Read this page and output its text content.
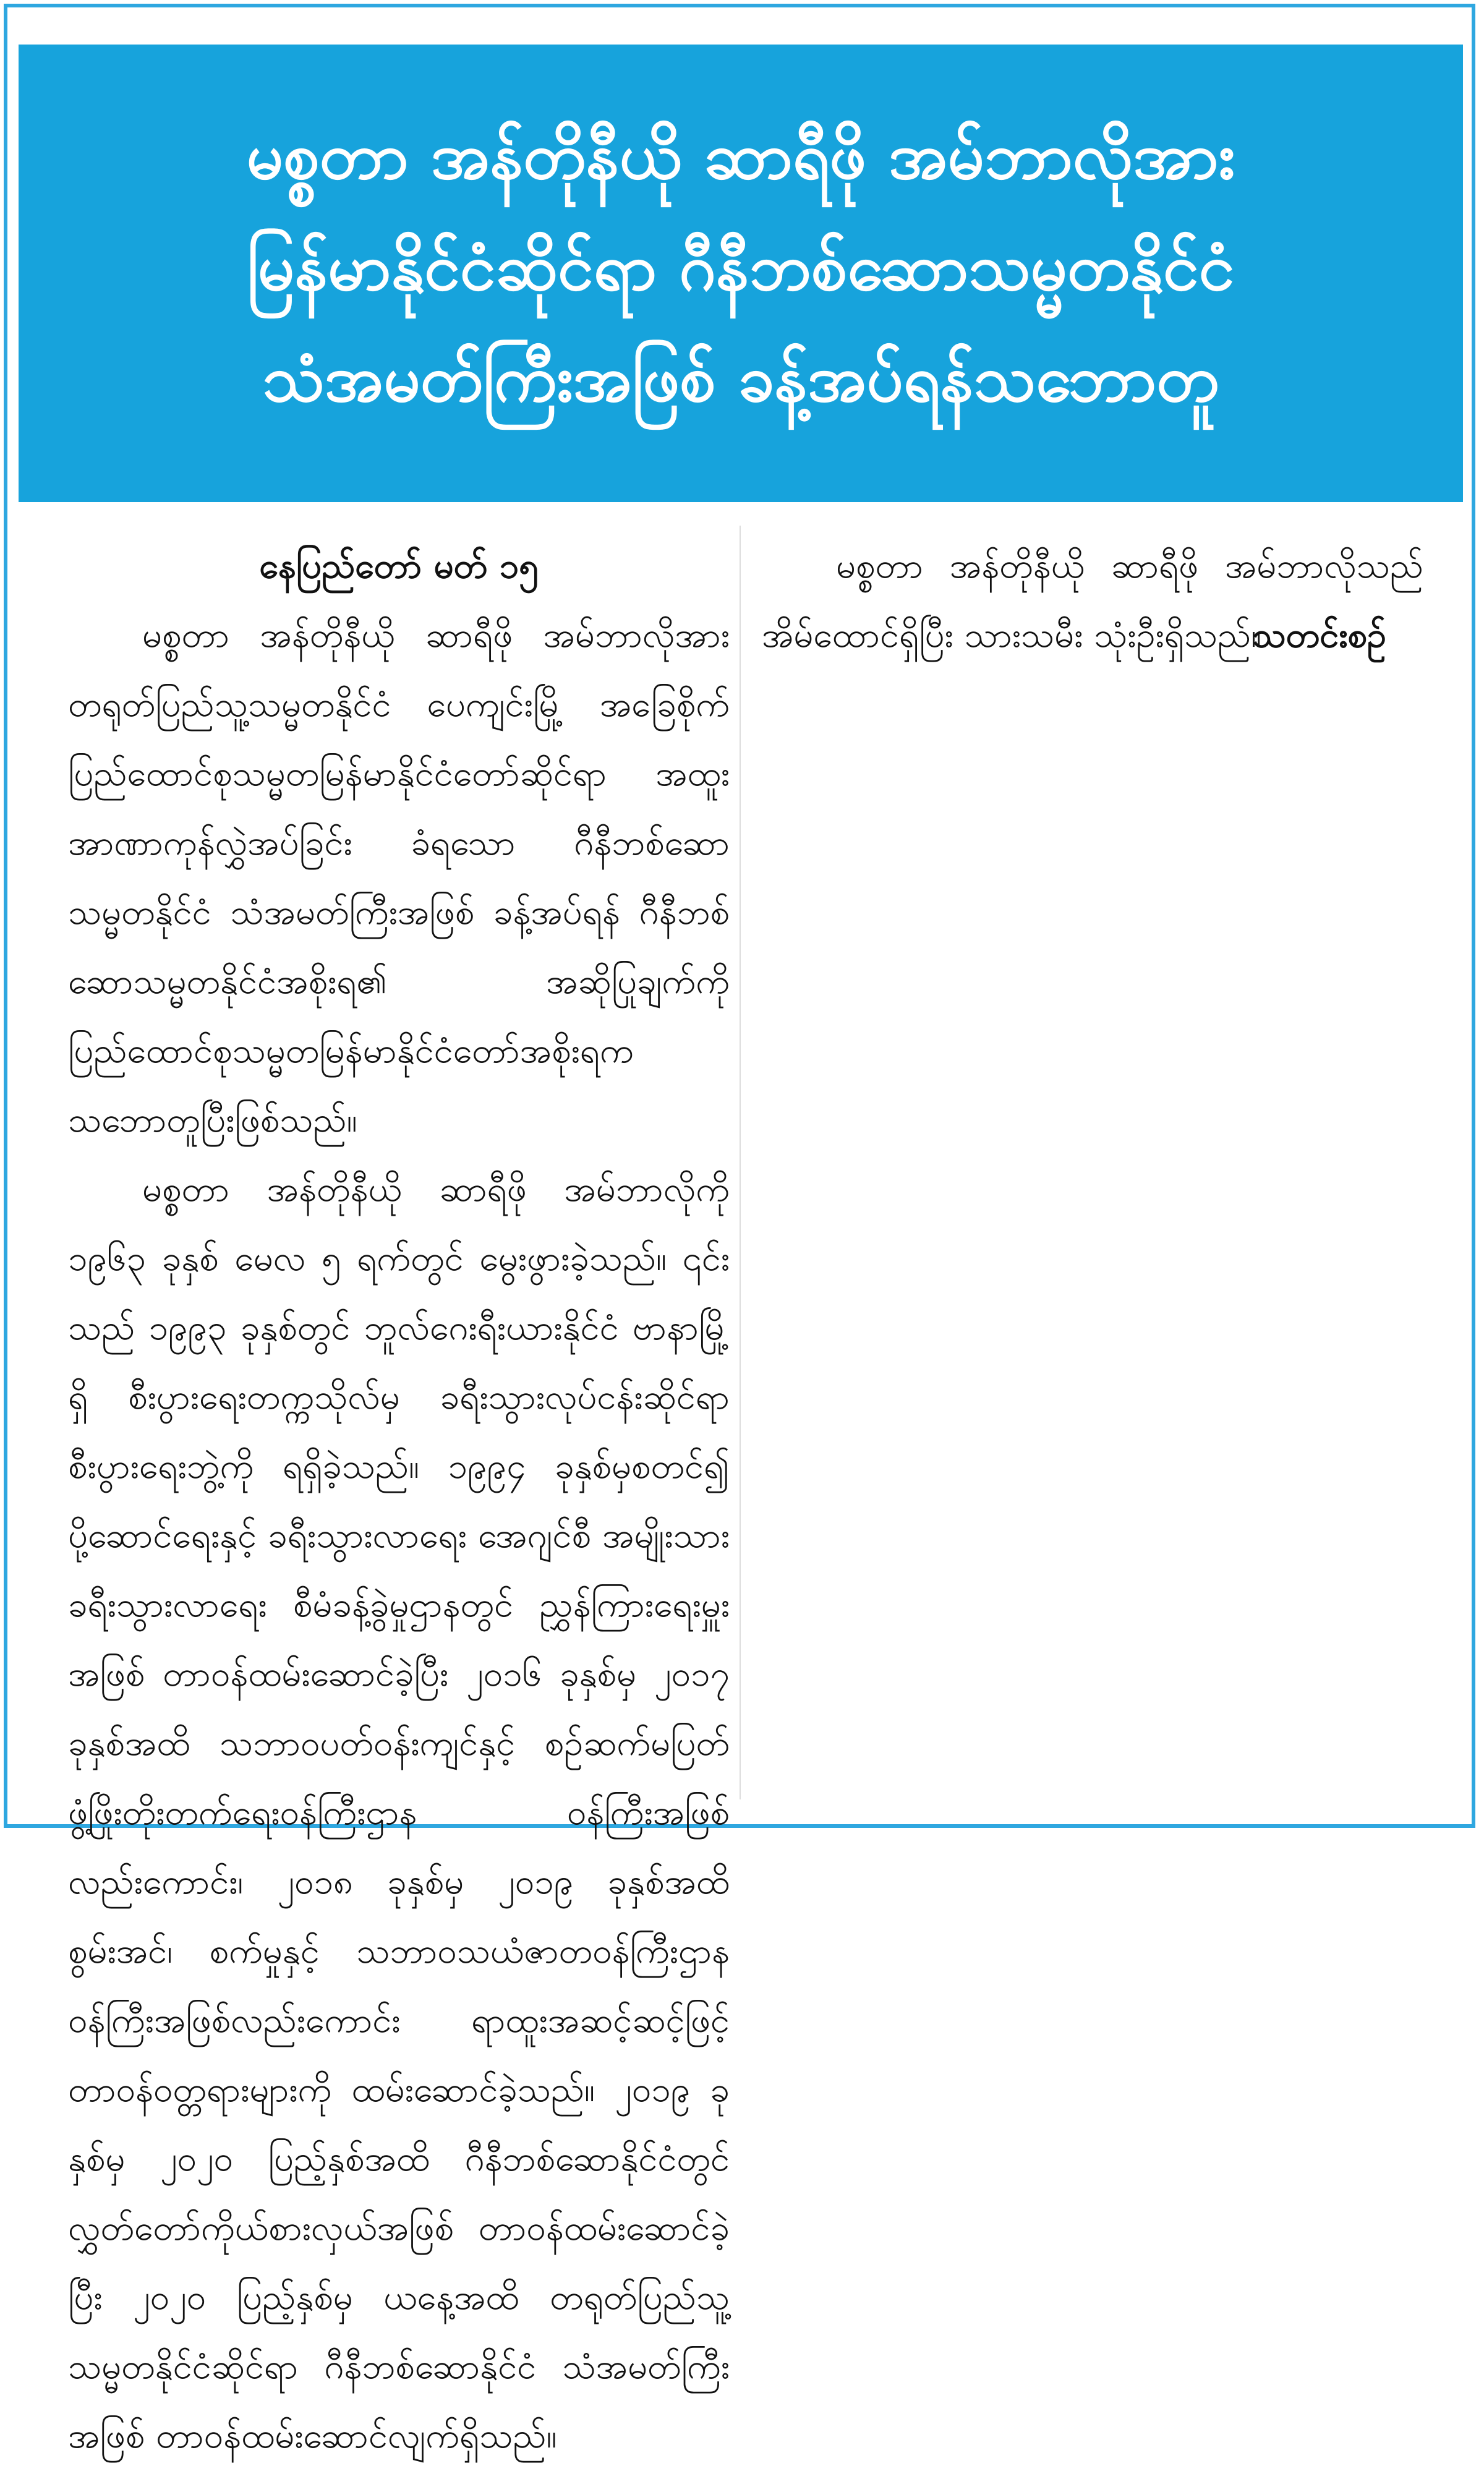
မစ္စတာ အန်တိုနီယို ဆာရီဖို အမ်ဘာလိုအား
မြန်မာနိုင်ငံဆိုင်ရာ ဂီနီဘစ်ဆောသမ္မတနိုင်ငံ
သံအမတ်ကြီးအဖြစ် ခန့်အပ်ရန်သဘောတူ
နေပြည်တော် မတ် ၁၅

မစ္စတာ အန်တိုနီယို ဆာရီဖို အမ်ဘာလိုအား တရုတ်ပြည်သူ့သမ္မတနိုင်ငံ ပေကျင်းမြို့ အခြေစိုက် ပြည်ထောင်စုသမ္မတမြန်မာနိုင်ငံတော်ဆိုင်ရာ အထူးအာဏာကုန်လွှဲအပ်ခြင်း ခံရသော ဂီနီဘစ်ဆောသမ္မတနိုင်ငံ သံအမတ်ကြီးအဖြစ် ခန့်အပ်ရန် ဂီနီဘစ်ဆောသမ္မတနိုင်ငံအစိုးရ၏ အဆိုပြုချက်ကို ပြည်ထောင်စုသမ္မတမြန်မာနိုင်ငံတော်အစိုးရက သဘောတူပြီးဖြစ်သည်။

မစ္စတာ အန်တိုနီယို ဆာရီဖို အမ်ဘာလိုကို ၁၉၆၃ ခုနှစ် မေလ ၅ ရက်တွင် မွေးဖွားခဲ့သည်။ ၎င်းသည် ၁၉၉၃ ခုနှစ်တွင် ဘူလ်ဂေးရီးယားနိုင်ငံ ဗာနာမြို့ရှိ စီးပွားရေးတက္ကသိုလ်မှ ခရီးသွားလုပ်ငန်းဆိုင်ရာ စီးပွားရေးဘွဲ့ကို ရရှိခဲ့သည်။ ၁၉၉၄ ခုနှစ်မှစတင်၍ ပို့ဆောင်ရေးနှင့် ခရီးသွားလာရေး အေဂျင်စီ အမျိုးသားခရီးသွားလာရေး စီမံခန့်ခွဲမှုဌာနတွင် ညွှန်ကြားရေးမှူးအဖြစ် တာဝန်ထမ်းဆောင်ခဲ့ပြီး ၂၀၁၆ ခုနှစ်မှ ၂၀၁၇ ခုနှစ်အထိ သဘာဝပတ်ဝန်းကျင်နှင့် စဉ်ဆက်မပြတ်ဖွံ့ဖြိုးတိုးတက်ရေးဝန်ကြီးဌာန ဝန်ကြီးအဖြစ်လည်းကောင်း၊ ၂၀၁၈ ခုနှစ်မှ ၂၀၁၉ ခုနှစ်အထိ စွမ်းအင်၊ စက်မှုနှင့် သဘာဝသယံဇာတဝန်ကြီးဌာနဝန်ကြီးအဖြစ်လည်းကောင်း ရာထူးအဆင့်ဆင့်ဖြင့် တာဝန်ဝတ္တရားများကို ထမ်းဆောင်ခဲ့သည်။ ၂၀၁၉ ခုနှစ်မှ ၂၀၂၀ ပြည့်နှစ်အထိ ဂီနီဘစ်ဆောနိုင်ငံတွင် လွှတ်တော်ကိုယ်စားလှယ်အဖြစ် တာဝန်ထမ်းဆောင်ခဲ့ပြီး ၂၀၂၀ ပြည့်နှစ်မှ ယနေ့အထိ တရုတ်ပြည်သူ့သမ္မတနိုင်ငံဆိုင်ရာ ဂီနီဘစ်ဆောနိုင်ငံ သံအမတ်ကြီးအဖြစ် တာဝန်ထမ်းဆောင်လျက်ရှိသည်။

မစ္စတာ အန်တိုနီယို ဆာရီဖို အမ်ဘာလိုသည် အိမ်ထောင်ရှိပြီး သားသမီး သုံးဦးရှိသည်။

သတင်းစဉ်
